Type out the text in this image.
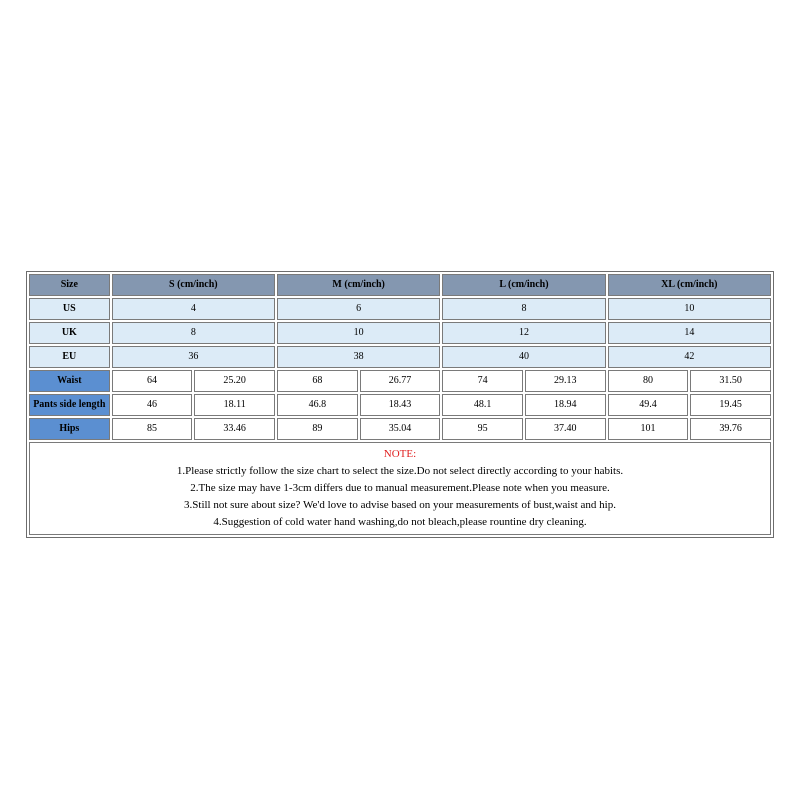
Size	S (cm/inch)		M (cm/inch)		L (cm/inch)		XL (cm/inch)	
US	4		6		8		10	
UK	8		10		12		14	
EU	36		38		40		42	
Waist	64	25.20	68	26.77	74	29.13	80	31.50
Pants side length	46	18.11	46.8	18.43	48.1	18.94	49.4	19.45
Hips	85	33.46	89	35.04	95	37.40	101	39.76

NOTE:
1.Please strictly follow the size chart to select the size.Do not select directly according to your habits.
2.The size may have 1-3cm differs due to manual measurement.Please note when you measure.
3.Still not sure about size? We'd love to advise based on your measurements of bust,waist and hip.
4.Suggestion of cold water hand washing,do not bleach,please rountine dry cleaning.								
